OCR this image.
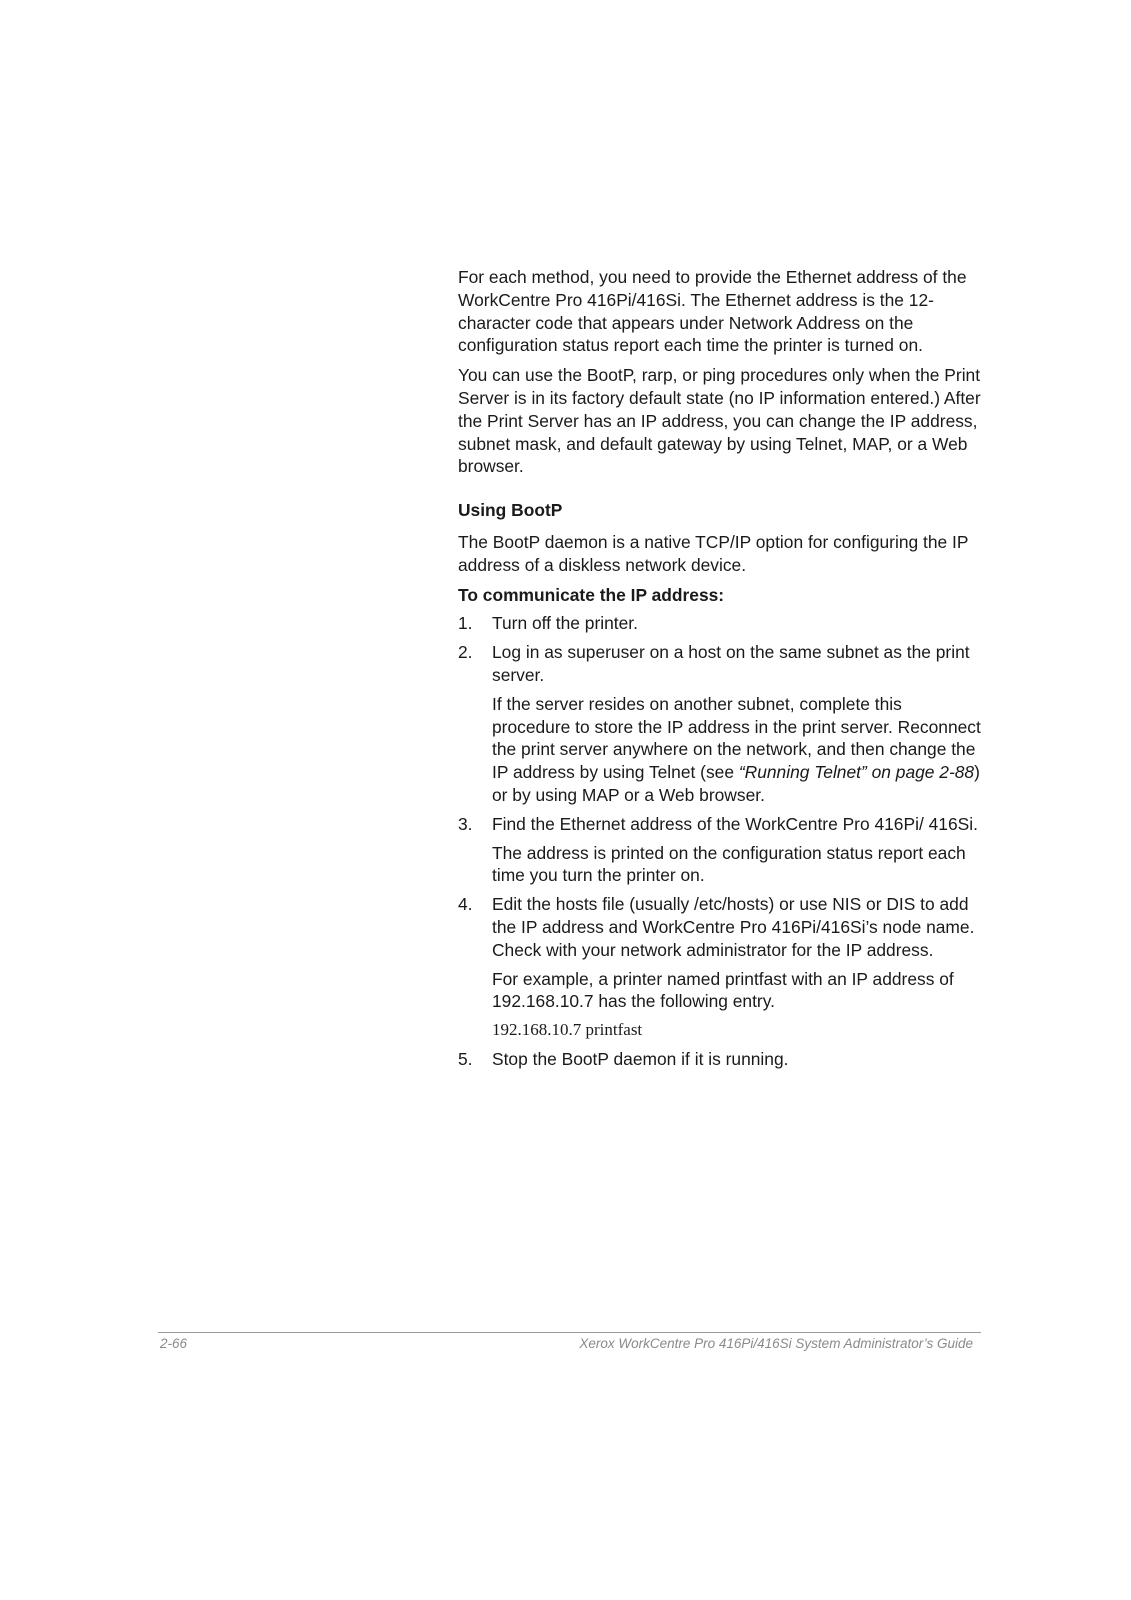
For each method, you need to provide the Ethernet address of the WorkCentre Pro 416Pi/416Si. The Ethernet address is the 12-character code that appears under Network Address on the configuration status report each time the printer is turned on.

You can use the BootP, rarp, or ping procedures only when the Print Server is in its factory default state (no IP information entered.) After the Print Server has an IP address, you can change the IP address, subnet mask, and default gateway by using Telnet, MAP, or a Web browser.

Using BootP

The BootP daemon is a native TCP/IP option for configuring the IP address of a diskless network device.

To communicate the IP address:
1. Turn off the printer.

2. Log in as superuser on a host on the same subnet as the print server.

If the server resides on another subnet, complete this procedure to store the IP address in the print server. Reconnect the print server anywhere on the network, and then change the IP address by using Telnet (see “Running Telnet” on page 2-88) or by using MAP or a Web browser.

3. Find the Ethernet address of the WorkCentre Pro 416Pi/ 416Si.

The address is printed on the configuration status report each time you turn the printer on.

4. Edit the hosts file (usually /etc/hosts) or use NIS or DIS to add the IP address and WorkCentre Pro 416Pi/416Si’s node name. Check with your network administrator for the IP address.

For example, a printer named printfast with an IP address of 192.168.10.7 has the following entry.

192.168.10.7 printfast

5. Stop the BootP daemon if it is running.

2-66	Xerox WorkCentre Pro 416Pi/416Si System Administrator’s Guide
